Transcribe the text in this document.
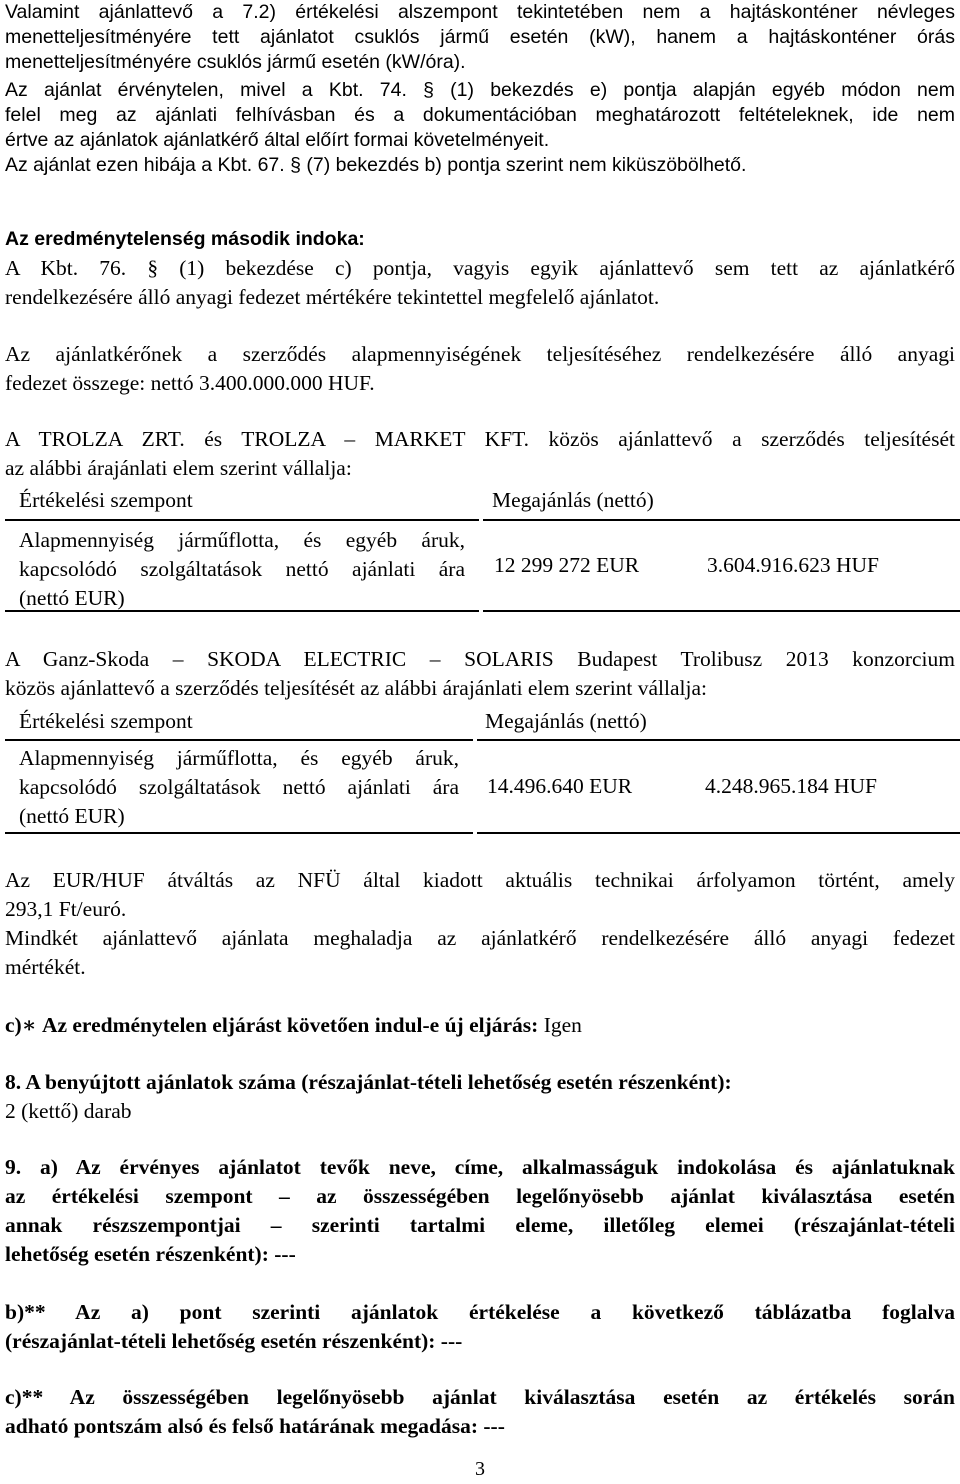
Valamint ajánlattevő a 7.2) értékelési alszempont tekintetében nem a hajtáskonténer névleges

menetteljesítményére tett ajánlatot csuklós jármű esetén (kW), hanem a hajtáskonténer órás

menetteljesítményére csuklós jármű esetén (kW/óra).

Az ajánlat érvénytelen, mivel a Kbt. 74. § (1) bekezdés e) pontja alapján egyéb módon nem

felel meg az ajánlati felhívásban és a dokumentációban meghatározott feltételeknek, ide nem

értve az ajánlatok ajánlatkérő által előírt formai követelményeit.

Az ajánlat ezen hibája a Kbt. 67. § (7) bekezdés b) pontja szerint nem kiküszöbölhető.

Az eredménytelenség második indoka:

A Kbt. 76. § (1) bekezdése c) pontja, vagyis egyik ajánlattevő sem tett az ajánlatkérő

rendelkezésére álló anyagi fedezet mértékére tekintettel megfelelő ajánlatot.

Az ajánlatkérőnek a szerződés alapmennyiségének teljesítéséhez rendelkezésére álló anyagi

fedezet összege: nettó 3.400.000.000 HUF.

A TROLZA ZRT. és TROLZA – MARKET KFT. közös ajánlattevő a szerződés teljesítését

az alábbi árajánlati elem szerint vállalja:

Értékelési szempont	Megajánlás (nettó)
Alapmennyiség járműflotta, és egyéb áruk,
kapcsolódó szolgáltatások nettó ajánlati ára
(nettó EUR)
12 299 272 EUR	3.604.916.623 HUF

A Ganz-Skoda – SKODA ELECTRIC – SOLARIS Budapest Trolibusz 2013 konzorcium

közös ajánlattevő a szerződés teljesítését az alábbi árajánlati elem szerint vállalja:

Értékelési szempont	Megajánlás (nettó)
Alapmennyiség járműflotta, és egyéb áruk,
kapcsolódó szolgáltatások nettó ajánlati ára
(nettó EUR)
14.496.640 EUR	4.248.965.184 HUF

Az EUR/HUF átváltás az NFÜ által kiadott aktuális technikai árfolyamon történt, amely

293,1 Ft/euró.

Mindkét ajánlattevő ajánlata meghaladja az ajánlatkérő rendelkezésére álló anyagi fedezet

mértékét.

c)∗ Az eredménytelen eljárást követően indul-e új eljárás: Igen

8. A benyújtott ajánlatok száma (részajánlat-tételi lehetőség esetén részenként):

2 (kettő) darab

9. a) Az érvényes ajánlatot tevők neve, címe, alkalmasságuk indokolása és ajánlatuknak

az értékelési szempont – az összességében legelőnyösebb ajánlat kiválasztása esetén

annak részszempontjai – szerinti tartalmi eleme, illetőleg elemei (részajánlat-tételi

lehetőség esetén részenként): ---

b)** Az a) pont szerinti ajánlatok értékelése a következő táblázatba foglalva

(részajánlat-tételi lehetőség esetén részenként): ---

c)** Az összességében legelőnyösebb ajánlat kiválasztása esetén az értékelés során

adható pontszám alsó és felső határának megadása: ---

3
